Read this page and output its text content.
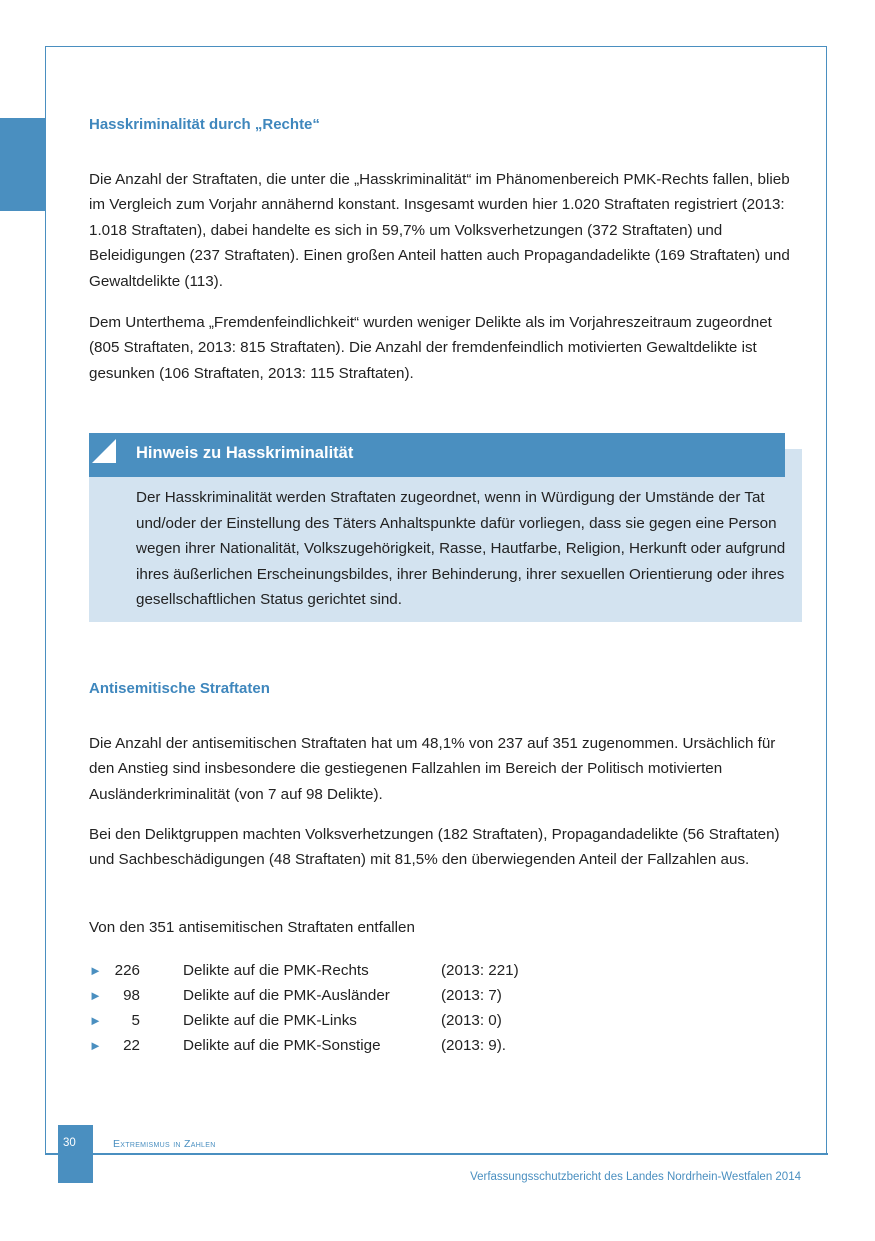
Hasskriminalität durch „Rechte“

Die Anzahl der Straftaten, die unter die „Hasskriminalität“ im Phänomenbereich PMK-Rechts fallen, blieb im Vergleich zum Vorjahr annähernd konstant. Insgesamt wurden hier 1.020 Straftaten registriert (2013: 1.018 Straftaten), dabei handelte es sich in 59,7% um Volksverhetzungen (372 Straftaten) und Beleidigungen (237 Straftaten). Einen großen Anteil hatten auch Propagandadelikte (169 Straftaten) und Gewaltdelikte (113).

Dem Unterthema „Fremdenfeindlichkeit“ wurden weniger Delikte als im Vorjahreszeitraum zugeordnet (805 Straftaten, 2013: 815 Straftaten). Die Anzahl der fremdenfeindlich motivierten Gewaltdelikte ist gesunken (106 Straftaten, 2013: 115 Straftaten).

Hinweis zu Hasskriminalität

Der Hasskriminalität werden Straftaten zugeordnet, wenn in Würdigung der Umstände der Tat und/oder der Einstellung des Täters Anhaltspunkte dafür vorliegen, dass sie gegen eine Person wegen ihrer Nationalität, Volkszugehörigkeit, Rasse, Hautfarbe, Religion, Herkunft oder aufgrund ihres äußerlichen Erscheinungsbildes, ihrer Behinderung, ihrer sexuellen Orientierung oder ihres gesellschaftlichen Status gerichtet sind.

Antisemitische Straftaten

Die Anzahl der antisemitischen Straftaten hat um 48,1% von 237 auf 351 zugenommen. Ursächlich für den Anstieg sind insbesondere die gestiegenen Fallzahlen im Bereich der Politisch motivierten Ausländerkriminalität (von 7 auf 98 Delikte).

Bei den Deliktgruppen machten Volksverhetzungen (182 Straftaten), Propagandadelikte (56 Straftaten) und Sachbeschädigungen (48 Straftaten) mit 81,5% den überwiegenden Anteil der Fallzahlen aus.

Von den 351 antisemitischen Straftaten entfallen

► 226	Delikte auf die PMK-Rechts	(2013: 221)
►	98	Delikte auf die PMK-Ausländer	(2013: 7)
►	5	Delikte auf die PMK-Links	(2013: 0)
►	22	Delikte auf die PMK-Sonstige	(2013: 9).
30	Extremismus in Zahlen
Verfassungsschutzbericht des Landes Nordrhein-Westfalen 2014
